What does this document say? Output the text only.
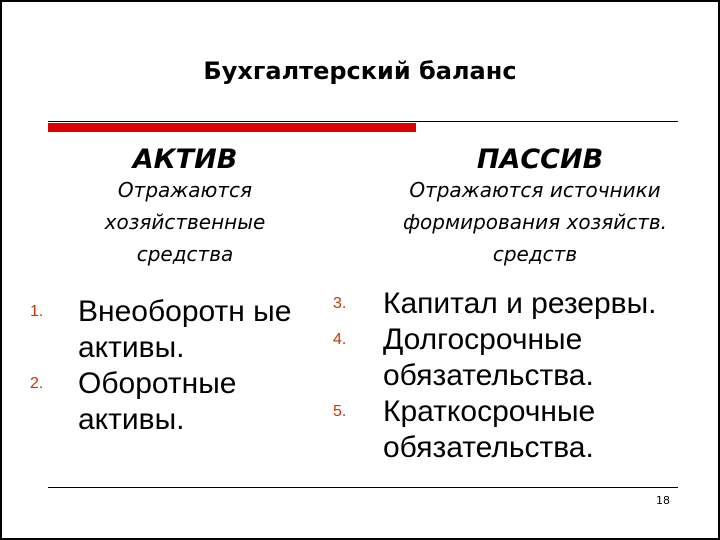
Бухгалтерский баланс
АКТИВ	ПАССИВ
Отражаются
хозяйственные
средства
Отражаются источники
формирования хозяйств.
средств
1. Внеоборотн ые активы.
2. Оборотные активы.
3. Капитал и резервы.
4. Долгосрочные обязательства.
5. Краткосрочные обязательства.
18
